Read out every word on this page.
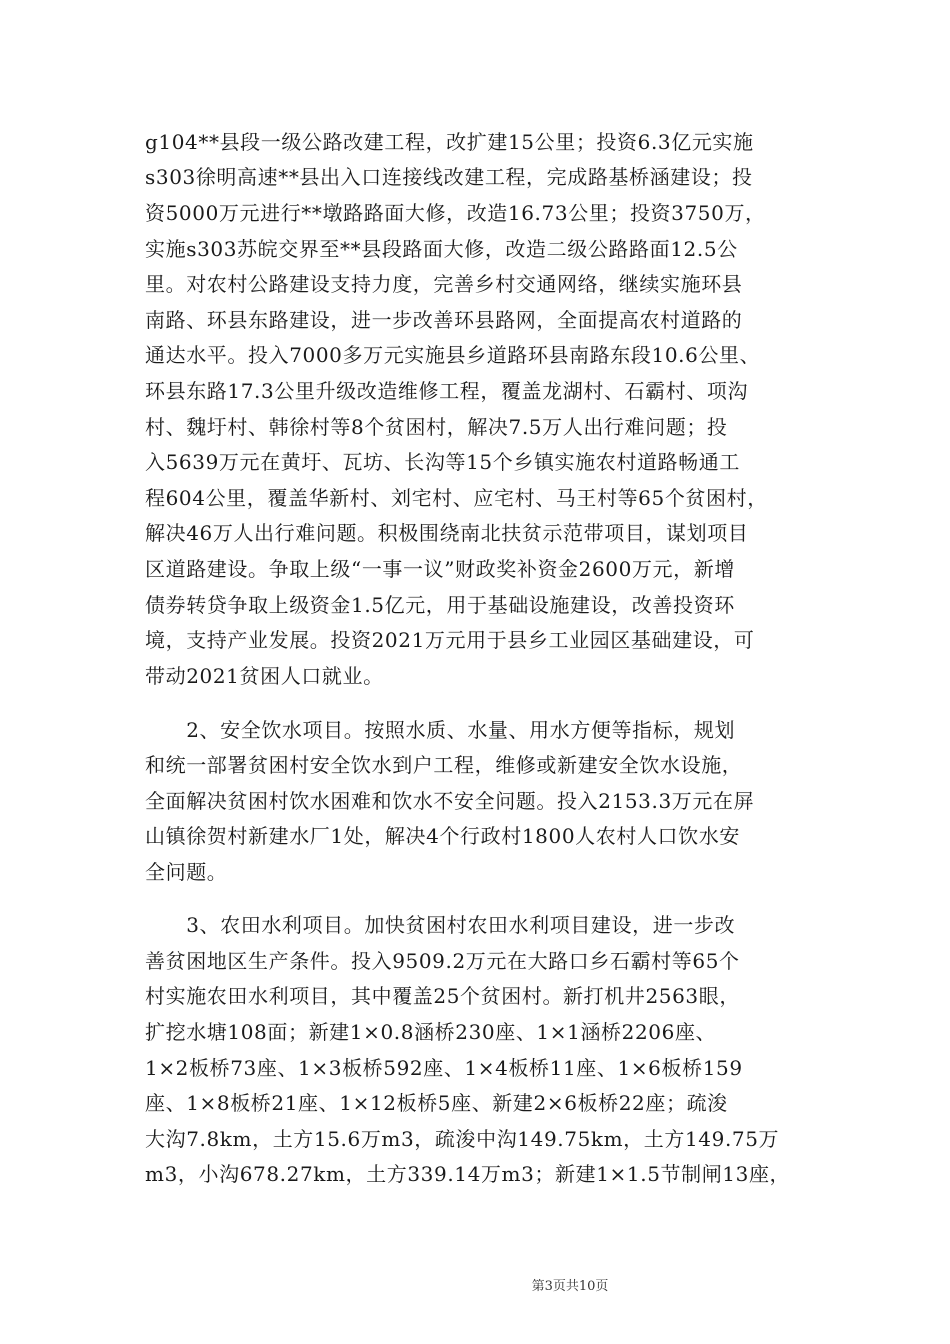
g104**县段一级公路改建工程，改扩建15公里；投资6.3亿元实施
s303徐明高速**县出入口连接线改建工程，完成路基桥涵建设；投
资5000万元进行**墩路路面大修，改造16.73公里；投资3750万，
实施s303苏皖交界至**县段路面大修，改造二级公路路面12.5公
里。对农村公路建设支持力度，完善乡村交通网络，继续实施环县
南路、环县东路建设，进一步改善环县路网，全面提高农村道路的
通达水平。投入7000多万元实施县乡道路环县南路东段10.6公里、
环县东路17.3公里升级改造维修工程，覆盖龙湖村、石霸村、项沟
村、魏圩村、韩徐村等8个贫困村，解决7.5万人出行难问题；投
入5639万元在黄圩、瓦坊、长沟等15个乡镇实施农村道路畅通工
程604公里，覆盖华新村、刘宅村、应宅村、马王村等65个贫困村，
解决46万人出行难问题。积极围绕南北扶贫示范带项目，谋划项目
区道路建设。争取上级“一事一议”财政奖补资金2600万元，新增
债券转贷争取上级资金1.5亿元，用于基础设施建设，改善投资环
境，支持产业发展。投资2021万元用于县乡工业园区基础建设，可
带动2021贫困人口就业。
　　2、安全饮水项目。按照水质、水量、用水方便等指标，规划
和统一部署贫困村安全饮水到户工程，维修或新建安全饮水设施，
全面解决贫困村饮水困难和饮水不安全问题。投入2153.3万元在屏
山镇徐贺村新建水厂1处，解决4个行政村1800人农村人口饮水安
全问题。
　　3、农田水利项目。加快贫困村农田水利项目建设，进一步改
善贫困地区生产条件。投入9509.2万元在大路口乡石霸村等65个
村实施农田水利项目，其中覆盖25个贫困村。新打机井2563眼，
扩挖水塘108面；新建1×0.8涵桥230座、1×1涵桥2206座、
1×2板桥73座、1×3板桥592座、1×4板桥11座、1×6板桥159
座、1×8板桥21座、1×12板桥5座、新建2×6板桥22座；疏浚
大沟7.8km，土方15.6万m3，疏浚中沟149.75km，土方149.75万
m3，小沟678.27km，土方339.14万m3；新建1×1.5节制闸13座，
第3页共10页
